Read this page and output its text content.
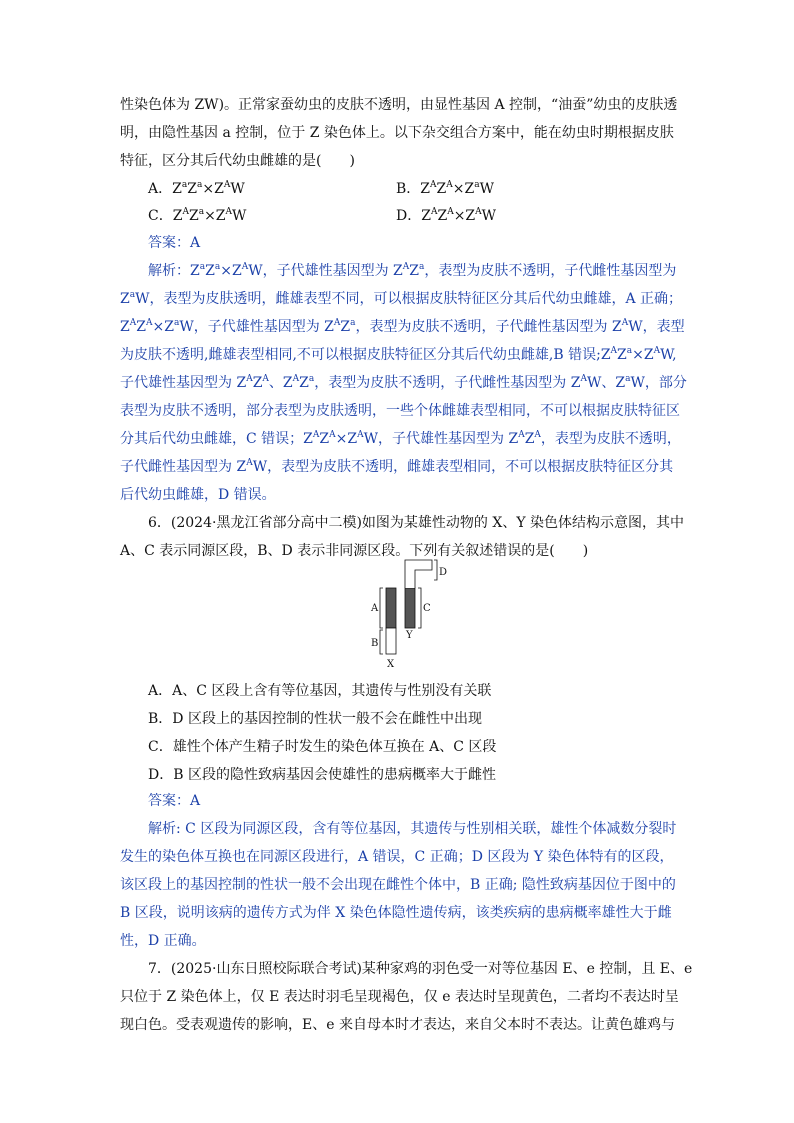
性染色体为 ZW)。正常家蚕幼虫的皮肤不透明，由显性基因 A 控制，“油蚕”幼虫的皮肤透
明，由隐性基因 a 控制，位于 Z 染色体上。以下杂交组合方案中，能在幼虫时期根据皮肤
特征，区分其后代幼虫雌雄的是(　　)
A．$Z^aZ^a\times Z^AW$	B．$Z^AZ^A\times Z^aW$
C．$Z^AZ^a\times Z^AW$	D．$Z^AZ^A\times Z^AW$
答案：A
解析：$Z^aZ^a\times Z^AW$，子代雄性基因型为 $Z^AZ^a$，表型为皮肤不透明，子代雌性基因型为
$Z^aW$，表型为皮肤透明，雌雄表型不同，可以根据皮肤特征区分其后代幼虫雌雄，A 正确；
$Z^AZ^A\times Z^aW$，子代雄性基因型为 $Z^AZ^a$，表型为皮肤不透明，子代雌性基因型为 $Z^AW$，表型
为皮肤不透明,雌雄表型相同,不可以根据皮肤特征区分其后代幼虫雌雄,B 错误$;Z^AZ^a\times Z^AW$,
子代雄性基因型为 $Z^AZ^A$、$Z^AZ^a$，表型为皮肤不透明，子代雌性基因型为 $Z^AW$、$Z^aW$，部分
表型为皮肤不透明，部分表型为皮肤透明，一些个体雌雄表型相同，不可以根据皮肤特征区
分其后代幼虫雌雄，C 错误；$Z^AZ^A\times Z^AW$，子代雄性基因型为 $Z^AZ^A$，表型为皮肤不透明，
子代雌性基因型为 $Z^AW$，表型为皮肤不透明，雌雄表型相同，不可以根据皮肤特征区分其
后代幼虫雌雄，D 错误。
6．(2024·黑龙江省部分高中二模)如图为某雄性动物的 X、Y 染色体结构示意图，其中
A、C 表示同源区段，B、D 表示非同源区段。下列有关叙述错误的是(　　)
A
B
C
D
X
Y
A．A、C 区段上含有等位基因，其遗传与性别没有关联
B．D 区段上的基因控制的性状一般不会在雌性中出现
C．雄性个体产生精子时发生的染色体互换在 A、C 区段
D．B 区段的隐性致病基因会使雄性的患病概率大于雌性
答案：A
解析: C 区段为同源区段，含有等位基因，其遗传与性别相关联，雄性个体减数分裂时
发生的染色体互换也在同源区段进行，A 错误，C 正确；D 区段为 Y 染色体特有的区段，
该区段上的基因控制的性状一般不会出现在雌性个体中，B 正确; 隐性致病基因位于图中的
B 区段，说明该病的遗传方式为伴 X 染色体隐性遗传病，该类疾病的患病概率雄性大于雌
性，D 正确。
7．(2025·山东日照校际联合考试)某种家鸡的羽色受一对等位基因 E、e 控制，且 E、e
只位于 Z 染色体上，仅 E 表达时羽毛呈现褐色，仅 e 表达时呈现黄色，二者均不表达时呈
现白色。受表观遗传的影响，E、e 来自母本时才表达，来自父本时不表达。让黄色雄鸡与
